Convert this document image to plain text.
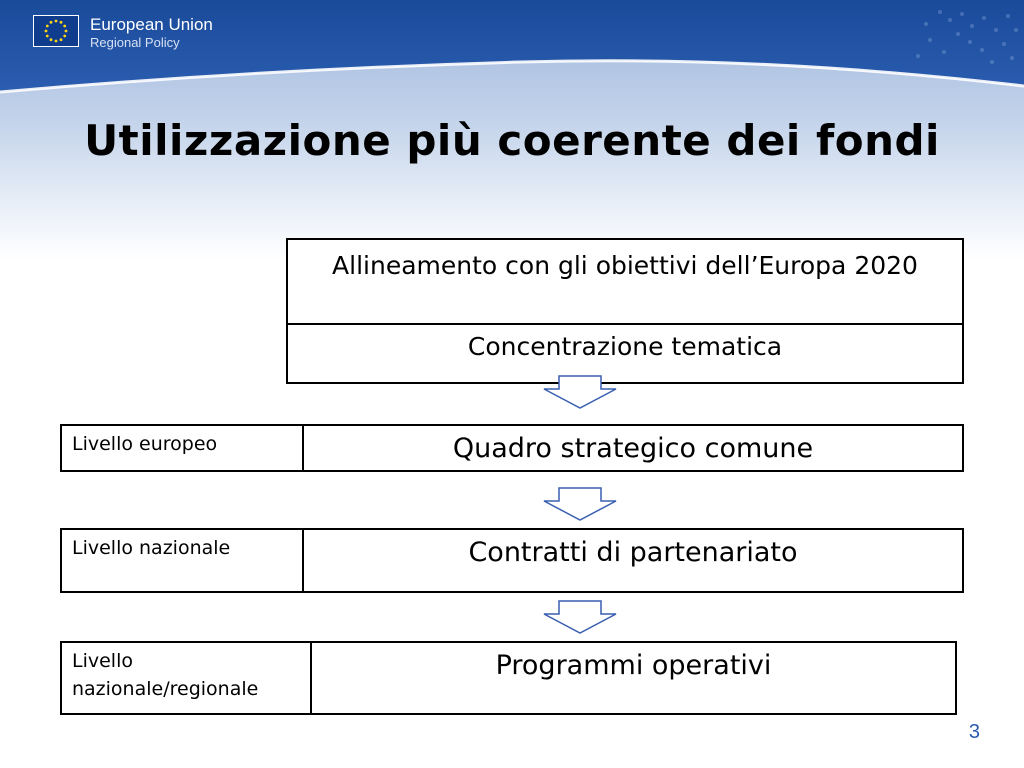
European Union
Regional Policy
Utilizzazione più coerente dei fondi
Allineamento con gli obiettivi dell’Europa 2020
Concentrazione tematica
Livello europeo	Quadro strategico comune
Livello nazionale	Contratti di partenariato
Livello nazionale/regionale
Programmi operativi
3
